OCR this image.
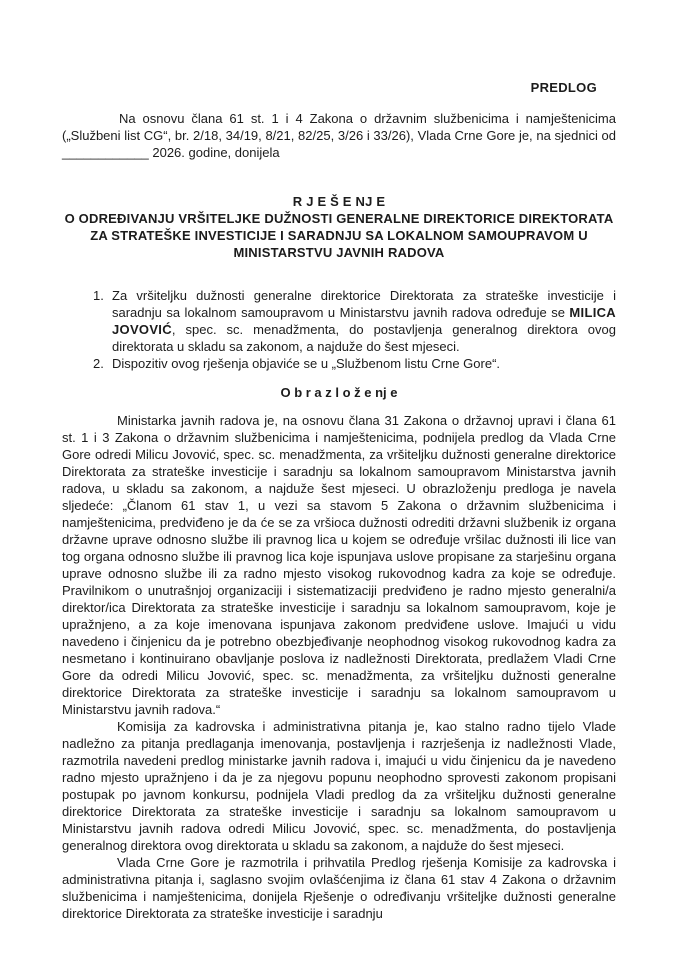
PREDLOG

Na osnovu člana 61 st. 1 i 4 Zakona o državnim službenicima i namještenicima („Službeni list CG“, br. 2/18, 34/19, 8/21, 82/25, 3/26 i 33/26), Vlada Crne Gore je, na sjednici od ____________ 2026. godine, donijela

R J E Š E NJ E
O ODREĐIVANJU VRŠITELJKE DUŽNOSTI GENERALNE DIREKTORICE DIREKTORATA ZA STRATEŠKE INVESTICIJE I SARADNJU SA LOKALNOM SAMOUPRAVOM U MINISTARSTVU JAVNIH RADOVA
1. Za vršiteljku dužnosti generalne direktorice Direktorata za strateške investicije i saradnju sa lokalnom samoupravom u Ministarstvu javnih radova određuje se MILICA JOVOVIĆ, spec. sc. menadžmenta, do postavljenja generalnog direktora ovog direktorata u skladu sa zakonom, a najduže do šest mjeseci.
2. Dispozitiv ovog rješenja objaviće se u „Službenom listu Crne Gore“.
O b r a z l o ž e nj e

Ministarka javnih radova je, na osnovu člana 31 Zakona o državnoj upravi i člana 61 st. 1 i 3 Zakona o državnim službenicima i namještenicima, podnijela predlog da Vlada Crne Gore odredi Milicu Jovović, spec. sc. menadžmenta, za vršiteljku dužnosti generalne direktorice Direktorata za strateške investicije i saradnju sa lokalnom samoupravom Ministarstva javnih radova, u skladu sa zakonom, a najduže šest mjeseci. U obrazloženju predloga je navela sljedeće: „Članom 61 stav 1, u vezi sa stavom 5 Zakona o državnim službenicima i namještenicima, predviđeno je da će se za vršioca dužnosti odrediti državni službenik iz organa državne uprave odnosno službe ili pravnog lica u kojem se određuje vršilac dužnosti ili lice van tog organa odnosno službe ili pravnog lica koje ispunjava uslove propisane za starješinu organa uprave odnosno službe ili za radno mjesto visokog rukovodnog kadra za koje se određuje. Pravilnikom o unutrašnjoj organizaciji i sistematizaciji predviđeno je radno mjesto generalni/a direktor/ica Direktorata za strateške investicije i saradnju sa lokalnom samoupravom, koje je upražnjeno, a za koje imenovana ispunjava zakonom predviđene uslove. Imajući u vidu navedeno i činjenicu da je potrebno obezbjeđivanje neophodnog visokog rukovodnog kadra za nesmetano i kontinuirano obavljanje poslova iz nadležnosti Direktorata, predlažem Vladi Crne Gore da odredi Milicu Jovović, spec. sc. menadžmenta, za vršiteljku dužnosti generalne direktorice Direktorata za strateške investicije i saradnju sa lokalnom samoupravom u Ministarstvu javnih radova.“

Komisija za kadrovska i administrativna pitanja je, kao stalno radno tijelo Vlade nadležno za pitanja predlaganja imenovanja, postavljenja i razrješenja iz nadležnosti Vlade, razmotrila navedeni predlog ministarke javnih radova i, imajući u vidu činjenicu da je navedeno radno mjesto upražnjeno i da je za njegovu popunu neophodno sprovesti zakonom propisani postupak po javnom konkursu, podnijela Vladi predlog da za vršiteljku dužnosti generalne direktorice Direktorata za strateške investicije i saradnju sa lokalnom samoupravom u Ministarstvu javnih radova odredi Milicu Jovović, spec. sc. menadžmenta, do postavljenja generalnog direktora ovog direktorata u skladu sa zakonom, a najduže do šest mjeseci.

Vlada Crne Gore je razmotrila i prihvatila Predlog rješenja Komisije za kadrovska i administrativna pitanja i, saglasno svojim ovlašćenjima iz člana 61 stav 4 Zakona o državnim službenicima i namještenicima, donijela Rješenje o određivanju vršiteljke dužnosti generalne direktorice Direktorata za strateške investicije i saradnju
